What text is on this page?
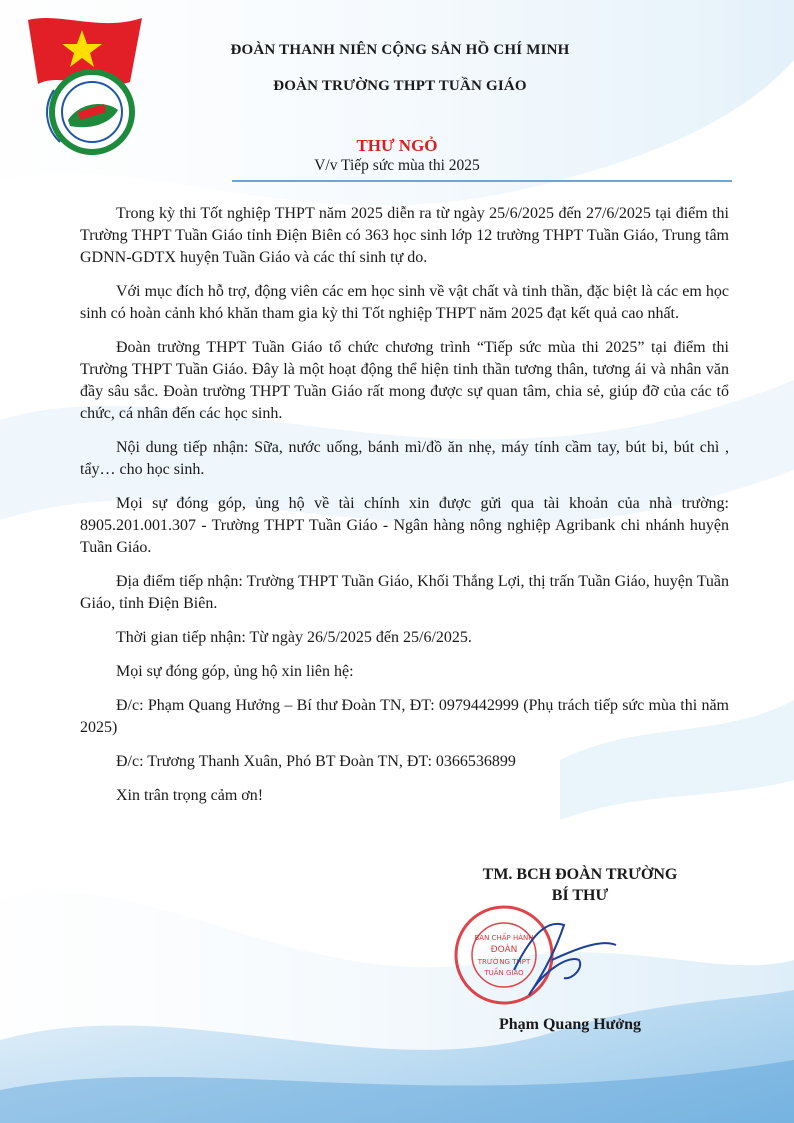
ĐOÀN THANH NIÊN CỘNG SẢN HỒ CHÍ MINH
ĐOÀN TRƯỜNG THPT TUẦN GIÁO
THƯ NGỎ
V/v Tiếp sức mùa thi 2025

Trong kỳ thi Tốt nghiệp THPT năm 2025 diễn ra từ ngày 25/6/2025 đến 27/6/2025 tại điểm thi Trường THPT Tuần Giáo tỉnh Điện Biên có 363 học sinh lớp 12 trường THPT Tuần Giáo, Trung tâm GDNN-GDTX huyện Tuần Giáo và các thí sinh tự do.

Với mục đích hỗ trợ, động viên các em học sinh về vật chất và tinh thần, đặc biệt là các em học sinh có hoàn cảnh khó khăn tham gia kỳ thi Tốt nghiệp THPT năm 2025 đạt kết quả cao nhất.

Đoàn trường THPT Tuần Giáo tổ chức chương trình “Tiếp sức mùa thi 2025” tại điểm thi Trường THPT Tuần Giáo. Đây là một hoạt động thể hiện tinh thần tương thân, tương ái và nhân văn đầy sâu sắc. Đoàn trường THPT Tuần Giáo rất mong được sự quan tâm, chia sẻ, giúp đỡ của các tổ chức, cá nhân đến các học sinh.

Nội dung tiếp nhận: Sữa, nước uống, bánh mì/đồ ăn nhẹ, máy tính cầm tay, bút bi, bút chì , tẩy… cho học sinh.

Mọi sự đóng góp, ủng hộ về tài chính xin được gửi qua tài khoản của nhà trường: 8905.201.001.307 - Trường THPT Tuần Giáo - Ngân hàng nông nghiệp Agribank chi nhánh huyện Tuần Giáo.

Địa điểm tiếp nhận: Trường THPT Tuần Giáo, Khối Thắng Lợi, thị trấn Tuần Giáo, huyện Tuần Giáo, tỉnh Điện Biên.

Thời gian tiếp nhận: Từ ngày 26/5/2025 đến 25/6/2025.

Mọi sự đóng góp, ủng hộ xin liên hệ:

Đ/c: Phạm Quang Hưởng – Bí thư Đoàn TN, ĐT: 0979442999 (Phụ trách tiếp sức mùa thi năm 2025)

Đ/c: Trương Thanh Xuân, Phó BT Đoàn TN, ĐT: 0366536899

Xin trân trọng cảm ơn!

TM. BCH ĐOÀN TRƯỜNG
BÍ THƯ
BAN CHẤP HÀNH
ĐOÀN
TRƯỜNG THPT
TUẦN GIÁO
Phạm Quang Hưởng
